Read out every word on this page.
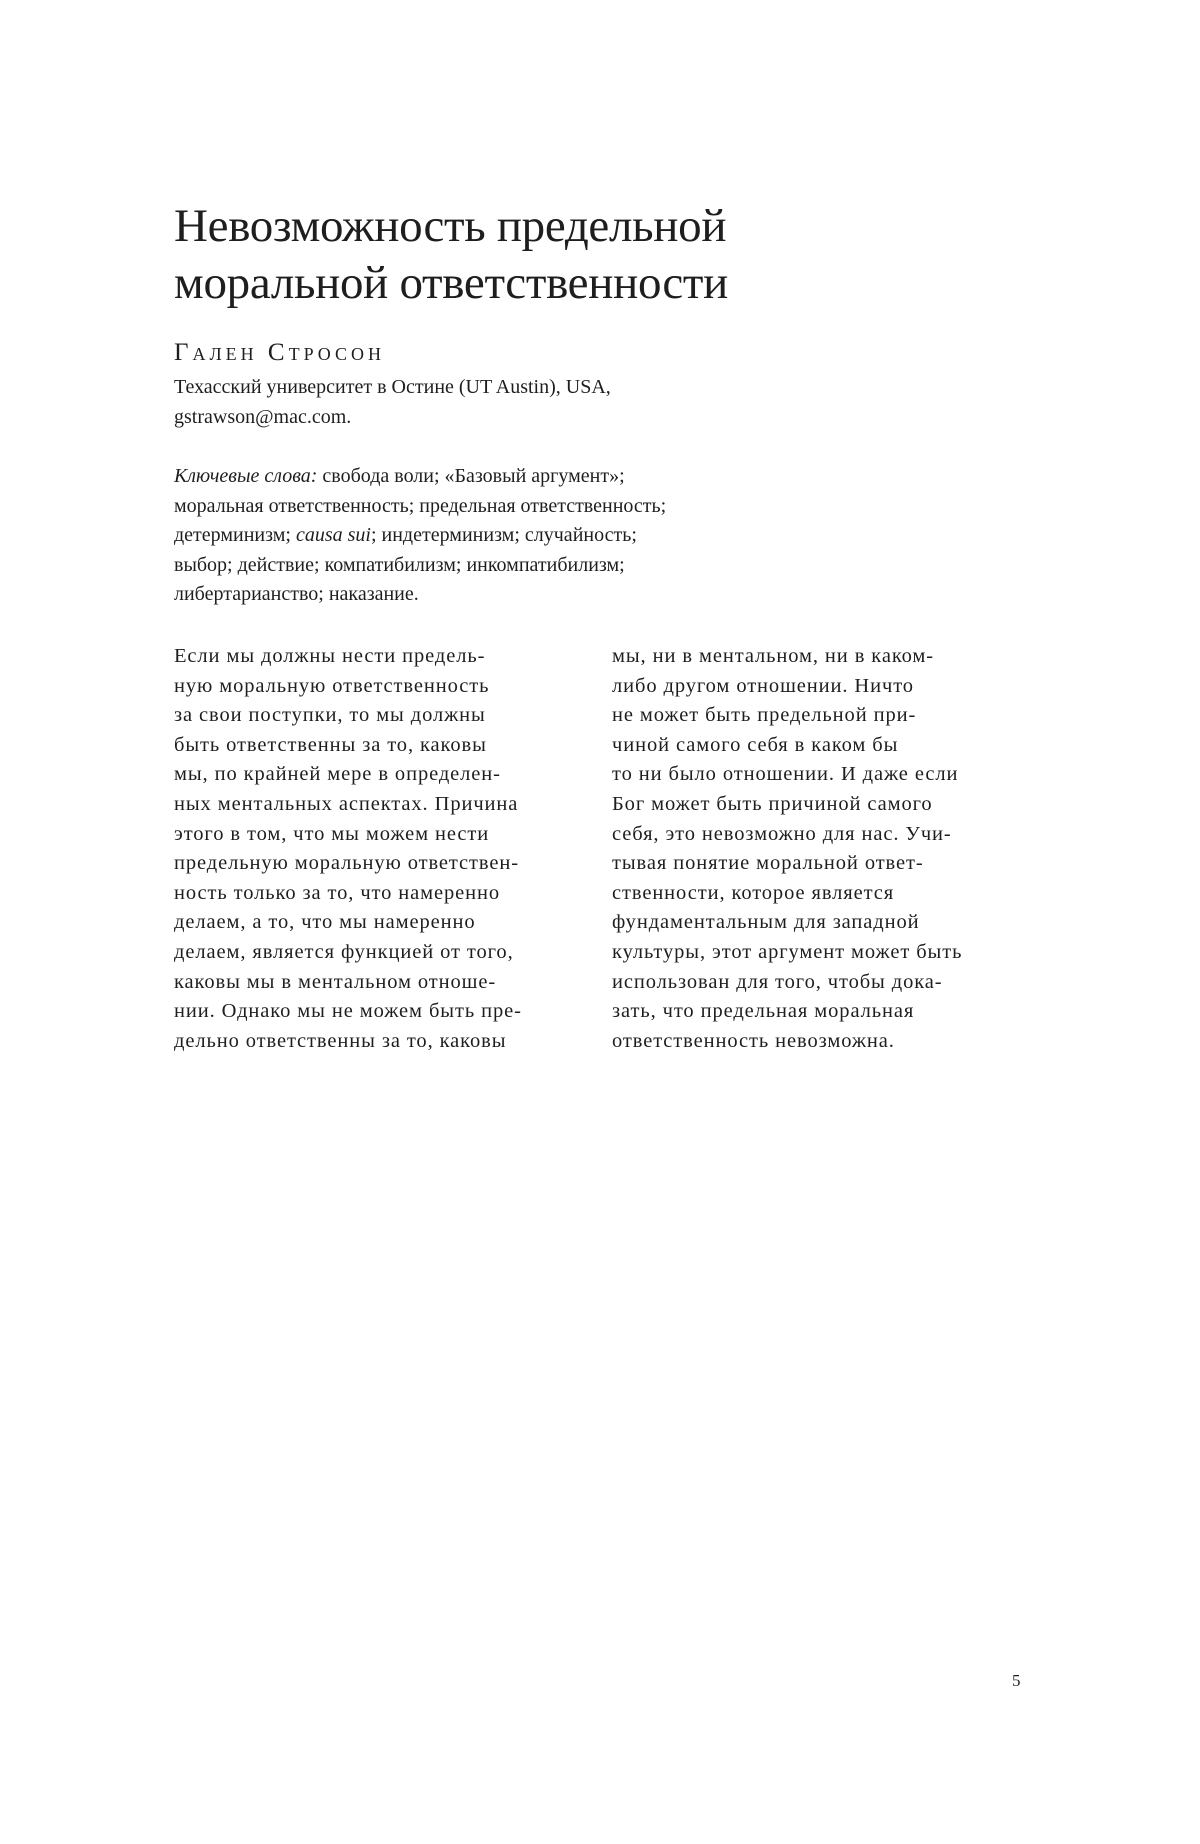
Невозможность предельной
моральной ответственности
Гален Стросон
Техасский университет в Остине (UT Austin), USA,
gstrawson@mac.com.
Ключевые слова: свобода воли; «Базовый аргумент»;
моральная ответственность; предельная ответственность;
детерминизм; causa sui; индетерминизм; случайность;
выбор; действие; компатибилизм; инкомпатибилизм;
либертарианство; наказание.
Если мы должны нести предель-
ную моральную ответственность
за свои поступки, то мы должны
быть ответственны за то, каковы
мы, по крайней мере в определен-
ных ментальных аспектах. Причина
этого в том, что мы можем нести
предельную моральную ответствен-
ность только за то, что намеренно
делаем, а то, что мы намеренно
делаем, является функцией от того,
каковы мы в ментальном отноше-
нии. Однако мы не можем быть пре-
дельно ответственны за то, каковы
мы, ни в ментальном, ни в каком-
либо другом отношении. Ничто
не может быть предельной при-
чиной самого себя в каком бы
то ни было отношении. И даже если
Бог может быть причиной самого
себя, это невозможно для нас. Учи-
тывая понятие моральной ответ-
ственности, которое является
фундаментальным для западной
культуры, этот аргумент может быть
использован для того, чтобы дока-
зать, что предельная моральная
ответственность невозможна.
5
